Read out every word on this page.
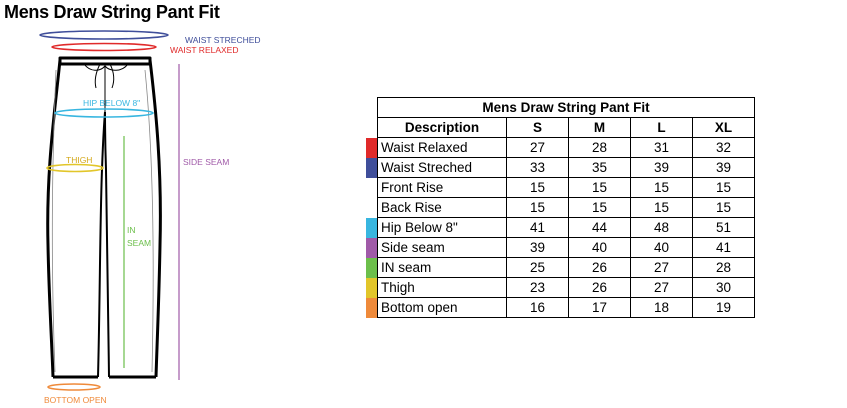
Mens Draw String Pant Fit
WAIST STRECHED
WAIST RELAXED
HIP BELOW 8"
THIGH	SIDE SEAM
IN
SEAM
BOTTOM OPEN
	Mens Draw String Pant Fit				
	Description	S	M	L	XL
	Waist Relaxed	27	28	31	32
	Waist Streched	33	35	39	39
	Front Rise	15	15	15	15
	Back Rise	15	15	15	15
	Hip Below 8"	41	44	48	51
	Side seam	39	40	40	41
	IN seam	25	26	27	28
	Thigh	23	26	27	30
	Bottom open	16	17	18	19
